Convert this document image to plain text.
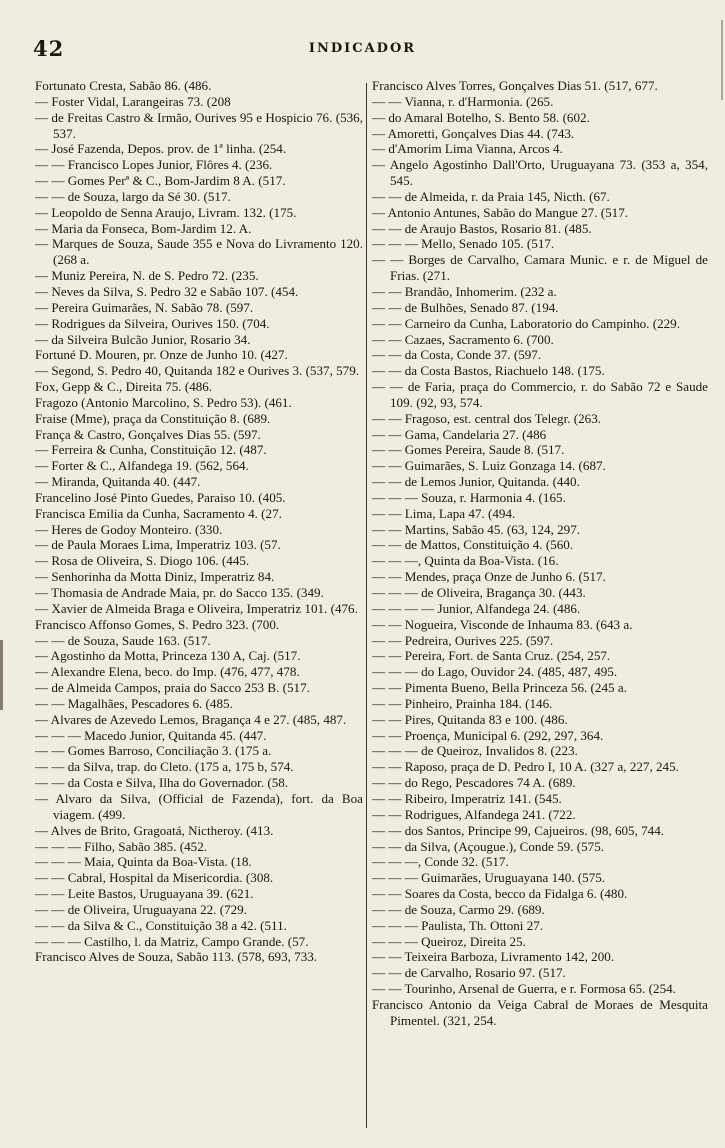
42	INDICADOR
Fortunato Cresta, Sabão 86. (486.
— Foster Vidal, Larangeiras 73. (208
— de Freitas Castro & Irmão, Ourives 95 e Hospicio 76. (536, 537.
— José Fazenda, Depos. prov. de 1ª linha. (254.
— — Francisco Lopes Junior, Flôres 4. (236.
— — Gomes Perª & C., Bom-Jardim 8 A. (517.
— — de Souza, largo da Sé 30. (517.
— Leopoldo de Senna Araujo, Livram. 132. (175.
— Maria da Fonseca, Bom-Jardim 12. A.
— Marques de Souza, Saude 355 e Nova do Livramento 120. (268 a.
— Muniz Pereira, N. de S. Pedro 72. (235.
— Neves da Silva, S. Pedro 32 e Sabão 107. (454.
— Pereira Guimarães, N. Sabão 78. (597.
— Rodrigues da Silveira, Ourives 150. (704.
— da Silveira Bulcão Junior, Rosario 34.
Fortuné D. Mouren, pr. Onze de Junho 10. (427.
— Segond, S. Pedro 40, Quitanda 182 e Ourives 3. (537, 579.
Fox, Gepp & C., Direita 75. (486.
Fragozo (Antonio Marcolino, S. Pedro 53). (461.
Fraise (Mme), praça da Constituição 8. (689.
França & Castro, Gonçalves Dias 55. (597.
— Ferreira & Cunha, Constituição 12. (487.
— Forter & C., Alfandega 19. (562, 564.
— Miranda, Quitanda 40. (447.
Francelino José Pinto Guedes, Paraiso 10. (405.
Francisca Emilia da Cunha, Sacramento 4. (27.
— Heres de Godoy Monteiro. (330.
— de Paula Moraes Lima, Imperatriz 103. (57.
— Rosa de Oliveira, S. Diogo 106. (445.
— Senhorinha da Motta Diniz, Imperatriz 84.
— Thomasia de Andrade Maia, pr. do Sacco 135. (349.
— Xavier de Almeida Braga e Oliveira, Imperatriz 101. (476.
Francisco Affonso Gomes, S. Pedro 323. (700.
— — de Souza, Saude 163. (517.
— Agostinho da Motta, Princeza 130 A, Caj. (517.
— Alexandre Elena, beco. do Imp. (476, 477, 478.
— de Almeida Campos, praia do Sacco 253 B. (517.
— — Magalhães, Pescadores 6. (485.
— Alvares de Azevedo Lemos, Bragança 4 e 27. (485, 487.
— — — Macedo Junior, Quitanda 45. (447.
— — Gomes Barroso, Conciliação 3. (175 a.
— — da Silva, trap. do Cleto. (175 a, 175 b, 574.
— — da Costa e Silva, Ilha do Governador. (58.
— Alvaro da Silva, (Official de Fazenda), fort. da Boa viagem. (499.
— Alves de Brito, Gragoatá, Nictheroy. (413.
— — — Filho, Sabão 385. (452.
— — — Maia, Quinta da Boa-Vista. (18.
— — Cabral, Hospital da Misericordia. (308.
— — Leite Bastos, Uruguayana 39. (621.
— — de Oliveira, Uruguayana 22. (729.
— — da Silva & C., Constituição 38 a 42. (511.
— — — Castilho, l. da Matriz, Campo Grande. (57.
Francisco Alves de Souza, Sabão 113. (578, 693, 733.
Francisco Alves Torres, Gonçalves Dias 51. (517, 677.
— — Vianna, r. d'Harmonia. (265.
— do Amaral Botelho, S. Bento 58. (602.
— Amoretti, Gonçalves Dias 44. (743.
— d'Amorim Lima Vianna, Arcos 4.
— Angelo Agostinho Dall'Orto, Uruguayana 73. (353 a, 354, 545.
— — de Almeida, r. da Praia 145, Nicth. (67.
— Antonio Antunes, Sabão do Mangue 27. (517.
— — de Araujo Bastos, Rosario 81. (485.
— — — Mello, Senado 105. (517.
— — Borges de Carvalho, Camara Munic. e r. de Miguel de Frias. (271.
— — Brandão, Inhomerim. (232 a.
— — de Bulhões, Senado 87. (194.
— — Carneiro da Cunha, Laboratorio do Campinho. (229.
— — Cazaes, Sacramento 6. (700.
— — da Costa, Conde 37. (597.
— — da Costa Bastos, Riachuelo 148. (175.
— — de Faria, praça do Commercio, r. do Sabão 72 e Saude 109. (92, 93, 574.
— — Fragoso, est. central dos Telegr. (263.
— — Gama, Candelaria 27. (486
— — Gomes Pereira, Saude 8. (517.
— — Guimarães, S. Luiz Gonzaga 14. (687.
— — de Lemos Junior, Quitanda. (440.
— — — Souza, r. Harmonia 4. (165.
— — Lima, Lapa 47. (494.
— — Martins, Sabão 45. (63, 124, 297.
— — de Mattos, Constituição 4. (560.
— — —, Quinta da Boa-Vista. (16.
— — Mendes, praça Onze de Junho 6. (517.
— — — de Oliveira, Bragança 30. (443.
— — — — Junior, Alfandega 24. (486.
— — Nogueira, Visconde de Inhauma 83. (643 a.
— — Pedreira, Ourives 225. (597.
— — Pereira, Fort. de Santa Cruz. (254, 257.
— — — do Lago, Ouvidor 24. (485, 487, 495.
— — Pimenta Bueno, Bella Princeza 56. (245 a.
— — Pinheiro, Prainha 184. (146.
— — Pires, Quitanda 83 e 100. (486.
— — Proença, Municipal 6. (292, 297, 364.
— — — de Queiroz, Invalidos 8. (223.
— — Raposo, praça de D. Pedro I, 10 A. (327 a, 227, 245.
— — do Rego, Pescadores 74 A. (689.
— — Ribeiro, Imperatriz 141. (545.
— — Rodrigues, Alfandega 241. (722.
— — dos Santos, Principe 99, Cajueiros. (98, 605, 744.
— — da Silva, (Açougue.), Conde 59. (575.
— — —, Conde 32. (517.
— — — Guimarães, Uruguayana 140. (575.
— — Soares da Costa, becco da Fidalga 6. (480.
— — de Souza, Carmo 29. (689.
— — — Paulista, Th. Ottoni 27.
— — — Queiroz, Direita 25.
— — Teixeira Barboza, Livramento 142, 200.
— — de Carvalho, Rosario 97. (517.
— — Tourinho, Arsenal de Guerra, e r. Formosa 65. (254.
Francisco Antonio da Veiga Cabral de Moraes de Mesquita Pimentel. (321, 254.
